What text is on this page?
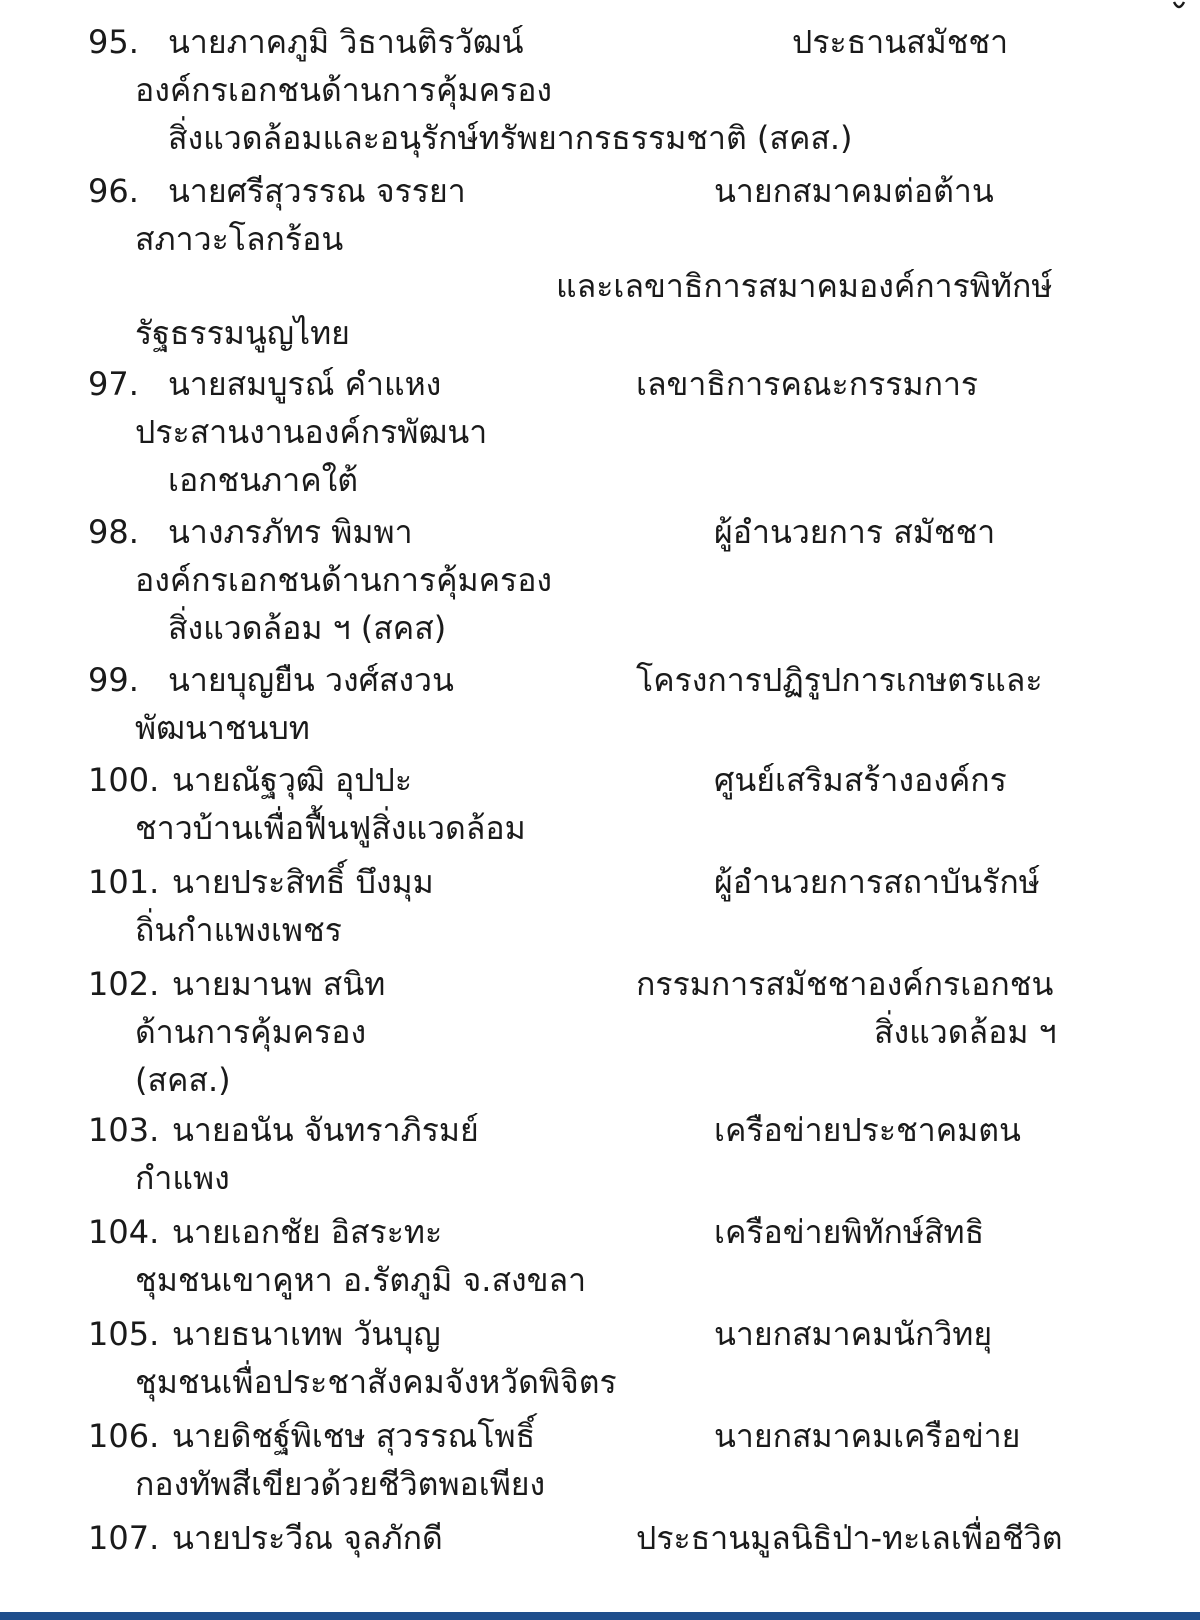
95. นายภาคภูมิ วิธานติรวัฒน์	ประธานสมัชชา
องค์กรเอกชนด้านการคุ้มครอง
สิ่งแวดล้อมและอนุรักษ์ทรัพยากรธรรมชาติ (สคส.)
96. นายศรีสุวรรณ จรรยา	นายกสมาคมต่อต้าน
สภาวะโลกร้อน
และเลขาธิการสมาคมองค์การพิทักษ์
รัฐธรรมนูญไทย
97. นายสมบูรณ์ คำแหง	เลขาธิการคณะกรรมการ
ประสานงานองค์กรพัฒนา
เอกชนภาคใต้
98. นางภรภัทร พิมพา	ผู้อำนวยการ สมัชชา
องค์กรเอกชนด้านการคุ้มครอง
สิ่งแวดล้อม ฯ (สคส)
99. นายบุญยืน วงศ์สงวน	โครงการปฏิรูปการเกษตรและ
พัฒนาชนบท
100. นายณัฐวุฒิ อุปปะ	ศูนย์เสริมสร้างองค์กร
ชาวบ้านเพื่อฟื้นฟูสิ่งแวดล้อม
101. นายประสิทธิ์ บึงมุม	ผู้อำนวยการสถาบันรักษ์
ถิ่นกำแพงเพชร
102. นายมานพ สนิท	กรรมการสมัชชาองค์กรเอกชน
ด้านการคุ้มครอง	สิ่งแวดล้อม ฯ
(สคส.)
103. นายอนัน จันทราภิรมย์	เครือข่ายประชาคมตน
กำแพง
104. นายเอกชัย อิสระทะ	เครือข่ายพิทักษ์สิทธิ
ชุมชนเขาคูหา อ.รัตภูมิ จ.สงขลา
105. นายธนาเทพ วันบุญ	นายกสมาคมนักวิทยุ
ชุมชนเพื่อประชาสังคมจังหวัดพิจิตร
106. นายดิชฐ์พิเชษ สุวรรณโพธิ์	นายกสมาคมเครือข่าย
กองทัพสีเขียวด้วยชีวิตพอเพียง
107. นายประวีณ จุลภักดี	ประธานมูลนิธิป่า-ทะเลเพื่อชีวิต
